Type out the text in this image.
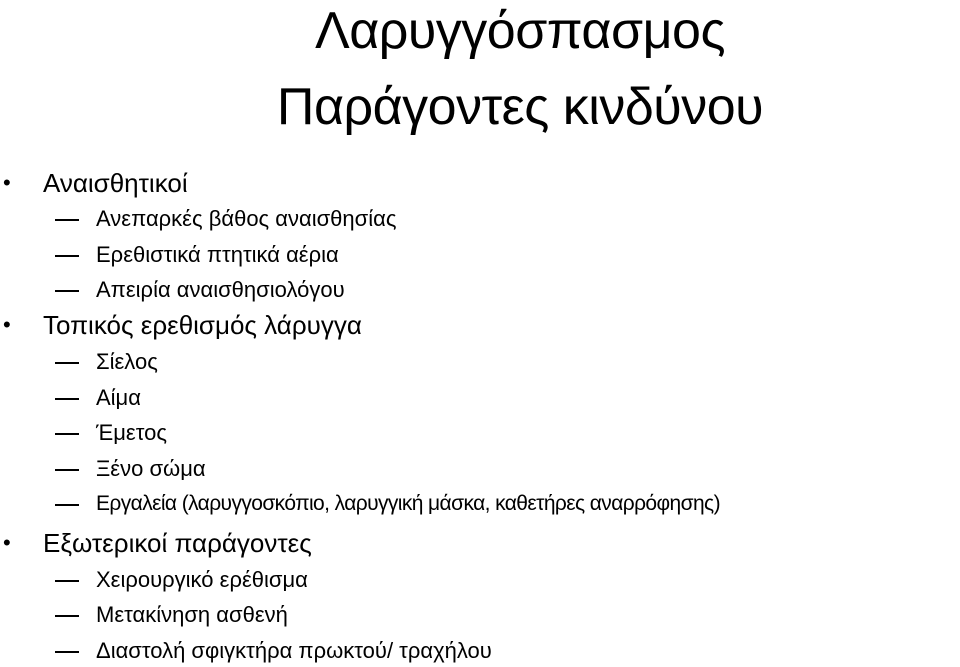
Λαρυγγόσπασμος
Παράγοντες κινδύνου
• Αναισθητικοί
Ανεπαρκές βάθος αναισθησίας
Ερεθιστικά πτητικά αέρια
Απειρία αναισθησιολόγου
• Τοπικός ερεθισμός λάρυγγα
Σίελος
Αίμα
Έμετος
Ξένο σώμα
Εργαλεία (λαρυγγοσκόπιο, λαρυγγική μάσκα, καθετήρες αναρρόφησης)
• Εξωτερικοί παράγοντες
Χειρουργικό ερέθισμα
Μετακίνηση ασθενή
Διαστολή σφιγκτήρα πρωκτού/ τραχήλου
